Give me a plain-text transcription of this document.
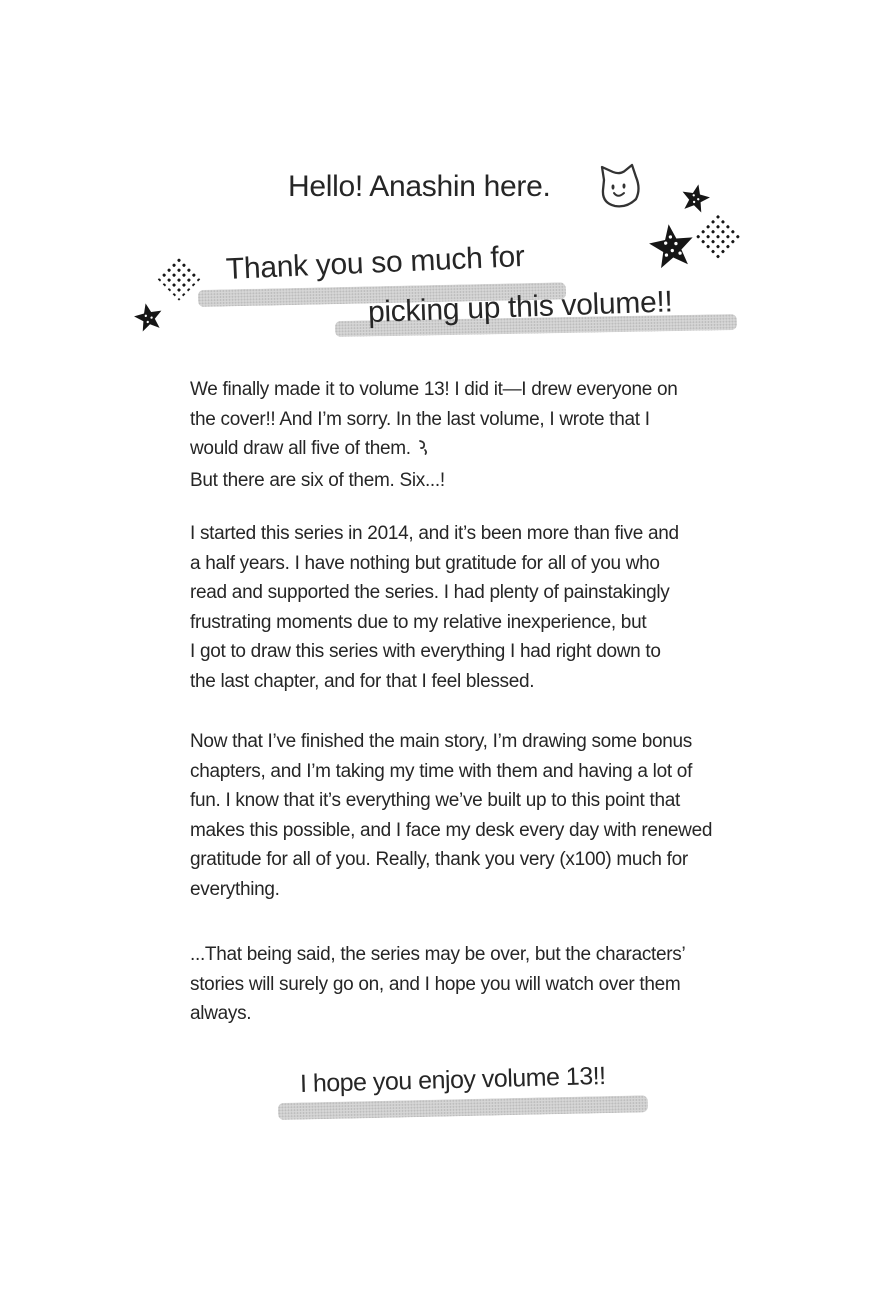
Hello! Anashin here.
Thank you so much for
picking up this volume!!
We finally made it to volume 13! I did it—I drew everyone on
the cover!! And I’m sorry. In the last volume, I wrote that I
would draw all five of them.
But there are six of them. Six...!
I started this series in 2014, and it’s been more than five and
a half years. I have nothing but gratitude for all of you who
read and supported the series. I had plenty of painstakingly
frustrating moments due to my relative inexperience, but
I got to draw this series with everything I had right down to
the last chapter, and for that I feel blessed.
Now that I’ve finished the main story, I’m drawing some bonus
chapters, and I’m taking my time with them and having a lot of
fun. I know that it’s everything we’ve built up to this point that
makes this possible, and I face my desk every day with renewed
gratitude for all of you. Really, thank you very (x100) much for
everything.
...That being said, the series may be over, but the characters’
stories will surely go on, and I hope you will watch over them
always.
I hope you enjoy volume 13!!
